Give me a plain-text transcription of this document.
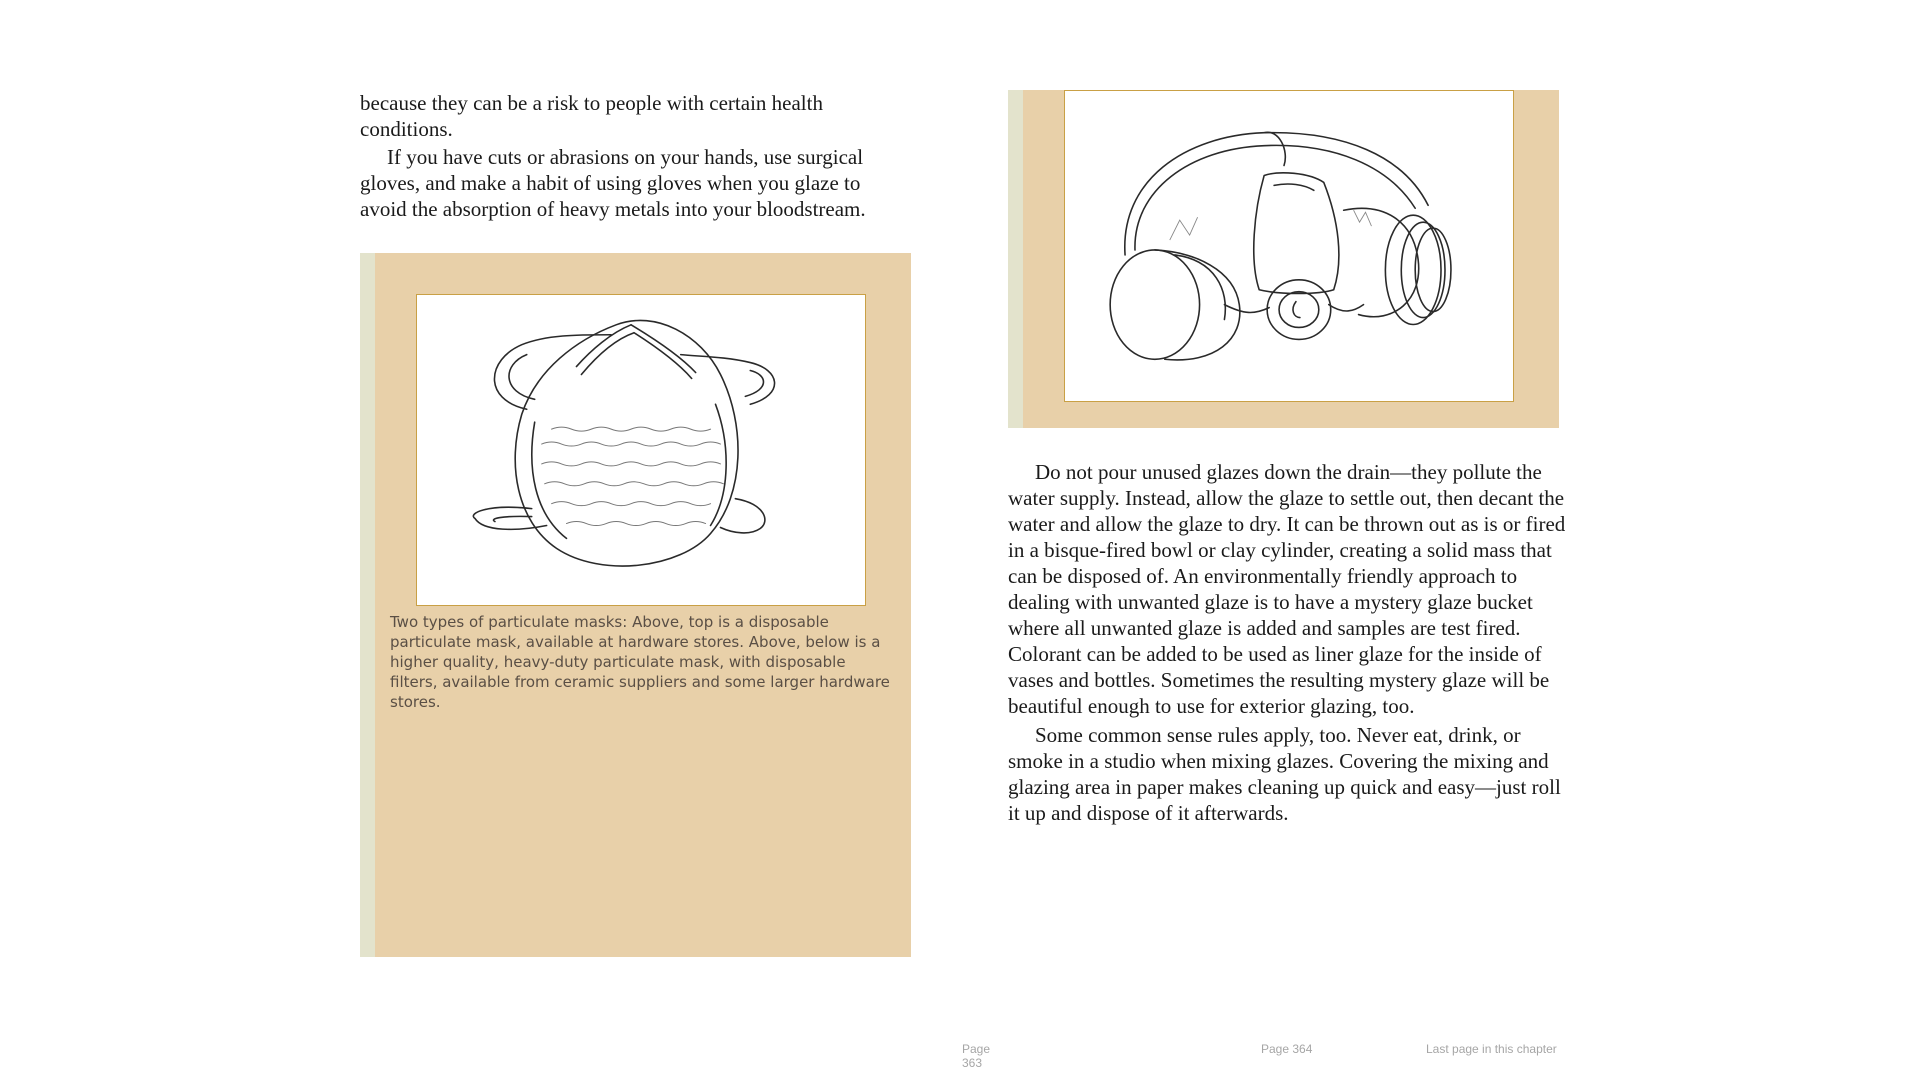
because they can be a risk to people with certain health conditions.

If you have cuts or abrasions on your hands, use surgical gloves, and make a habit of using gloves when you glaze to avoid the absorption of heavy metals into your bloodstream.

Two types of particulate masks: Above, top is a disposable particulate mask, available at hardware stores. Above, below is a higher quality, heavy-duty particulate mask, with disposable filters, available from ceramic suppliers and some larger hardware stores.

Page 363

Do not pour unused glazes down the drain—they pollute the water supply. Instead, allow the glaze to settle out, then decant the water and allow the glaze to dry. It can be thrown out as is or fired in a bisque-fired bowl or clay cylinder, creating a solid mass that can be disposed of. An environmentally friendly approach to dealing with unwanted glaze is to have a mystery glaze bucket where all unwanted glaze is added and samples are test fired. Colorant can be added to be used as liner glaze for the inside of vases and bottles. Sometimes the resulting mystery glaze will be beautiful enough to use for exterior glazing, too.

Some common sense rules apply, too. Never eat, drink, or smoke in a studio when mixing glazes. Covering the mixing and glazing area in paper makes cleaning up quick and easy—just roll it up and dispose of it afterwards.

Page 364	Last page in this chapter
